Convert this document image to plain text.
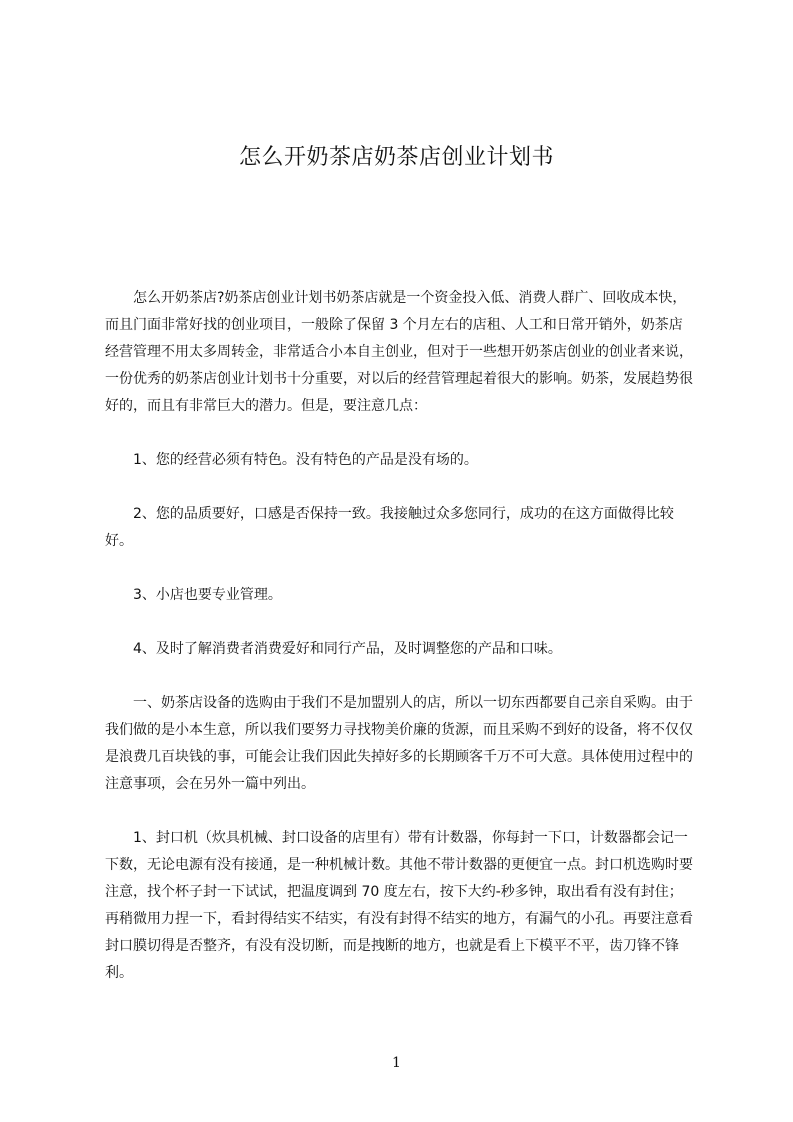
怎么开奶茶店奶茶店创业计划书

怎么开奶茶店?奶茶店创业计划书奶茶店就是一个资金投入低、消费人群广、回收成本快，而且门面非常好找的创业项目，一般除了保留 3 个月左右的店租、人工和日常开销外，奶茶店经营管理不用太多周转金，非常适合小本自主创业，但对于一些想开奶茶店创业的创业者来说，一份优秀的奶茶店创业计划书十分重要，对以后的经营管理起着很大的影响。奶茶，发展趋势很好的，而且有非常巨大的潜力。但是，要注意几点：

1、您的经营必须有特色。没有特色的产品是没有场的。

2、您的品质要好，口感是否保持一致。我接触过众多您同行，成功的在这方面做得比较好。

3、小店也要专业管理。

4、及时了解消费者消费爱好和同行产品，及时调整您的产品和口味。

一、奶茶店设备的选购由于我们不是加盟别人的店，所以一切东西都要自己亲自采购。由于我们做的是小本生意，所以我们要努力寻找物美价廉的货源，而且采购不到好的设备，将不仅仅是浪费几百块钱的事，可能会让我们因此失掉好多的长期顾客千万不可大意。具体使用过程中的注意事项，会在另外一篇中列出。

1、封口机（炊具机械、封口设备的店里有）带有计数器，你每封一下口，计数器都会记一下数，无论电源有没有接通，是一种机械计数。其他不带计数器的更便宜一点。封口机选购时要注意，找个杯子封一下试试，把温度调到 70 度左右，按下大约-秒多钟，取出看有没有封住；再稍微用力捏一下，看封得结实不结实，有没有封得不结实的地方，有漏气的小孔。再要注意看封口膜切得是否整齐，有没有没切断，而是拽断的地方，也就是看上下模平不平，齿刀锋不锋利。

1
